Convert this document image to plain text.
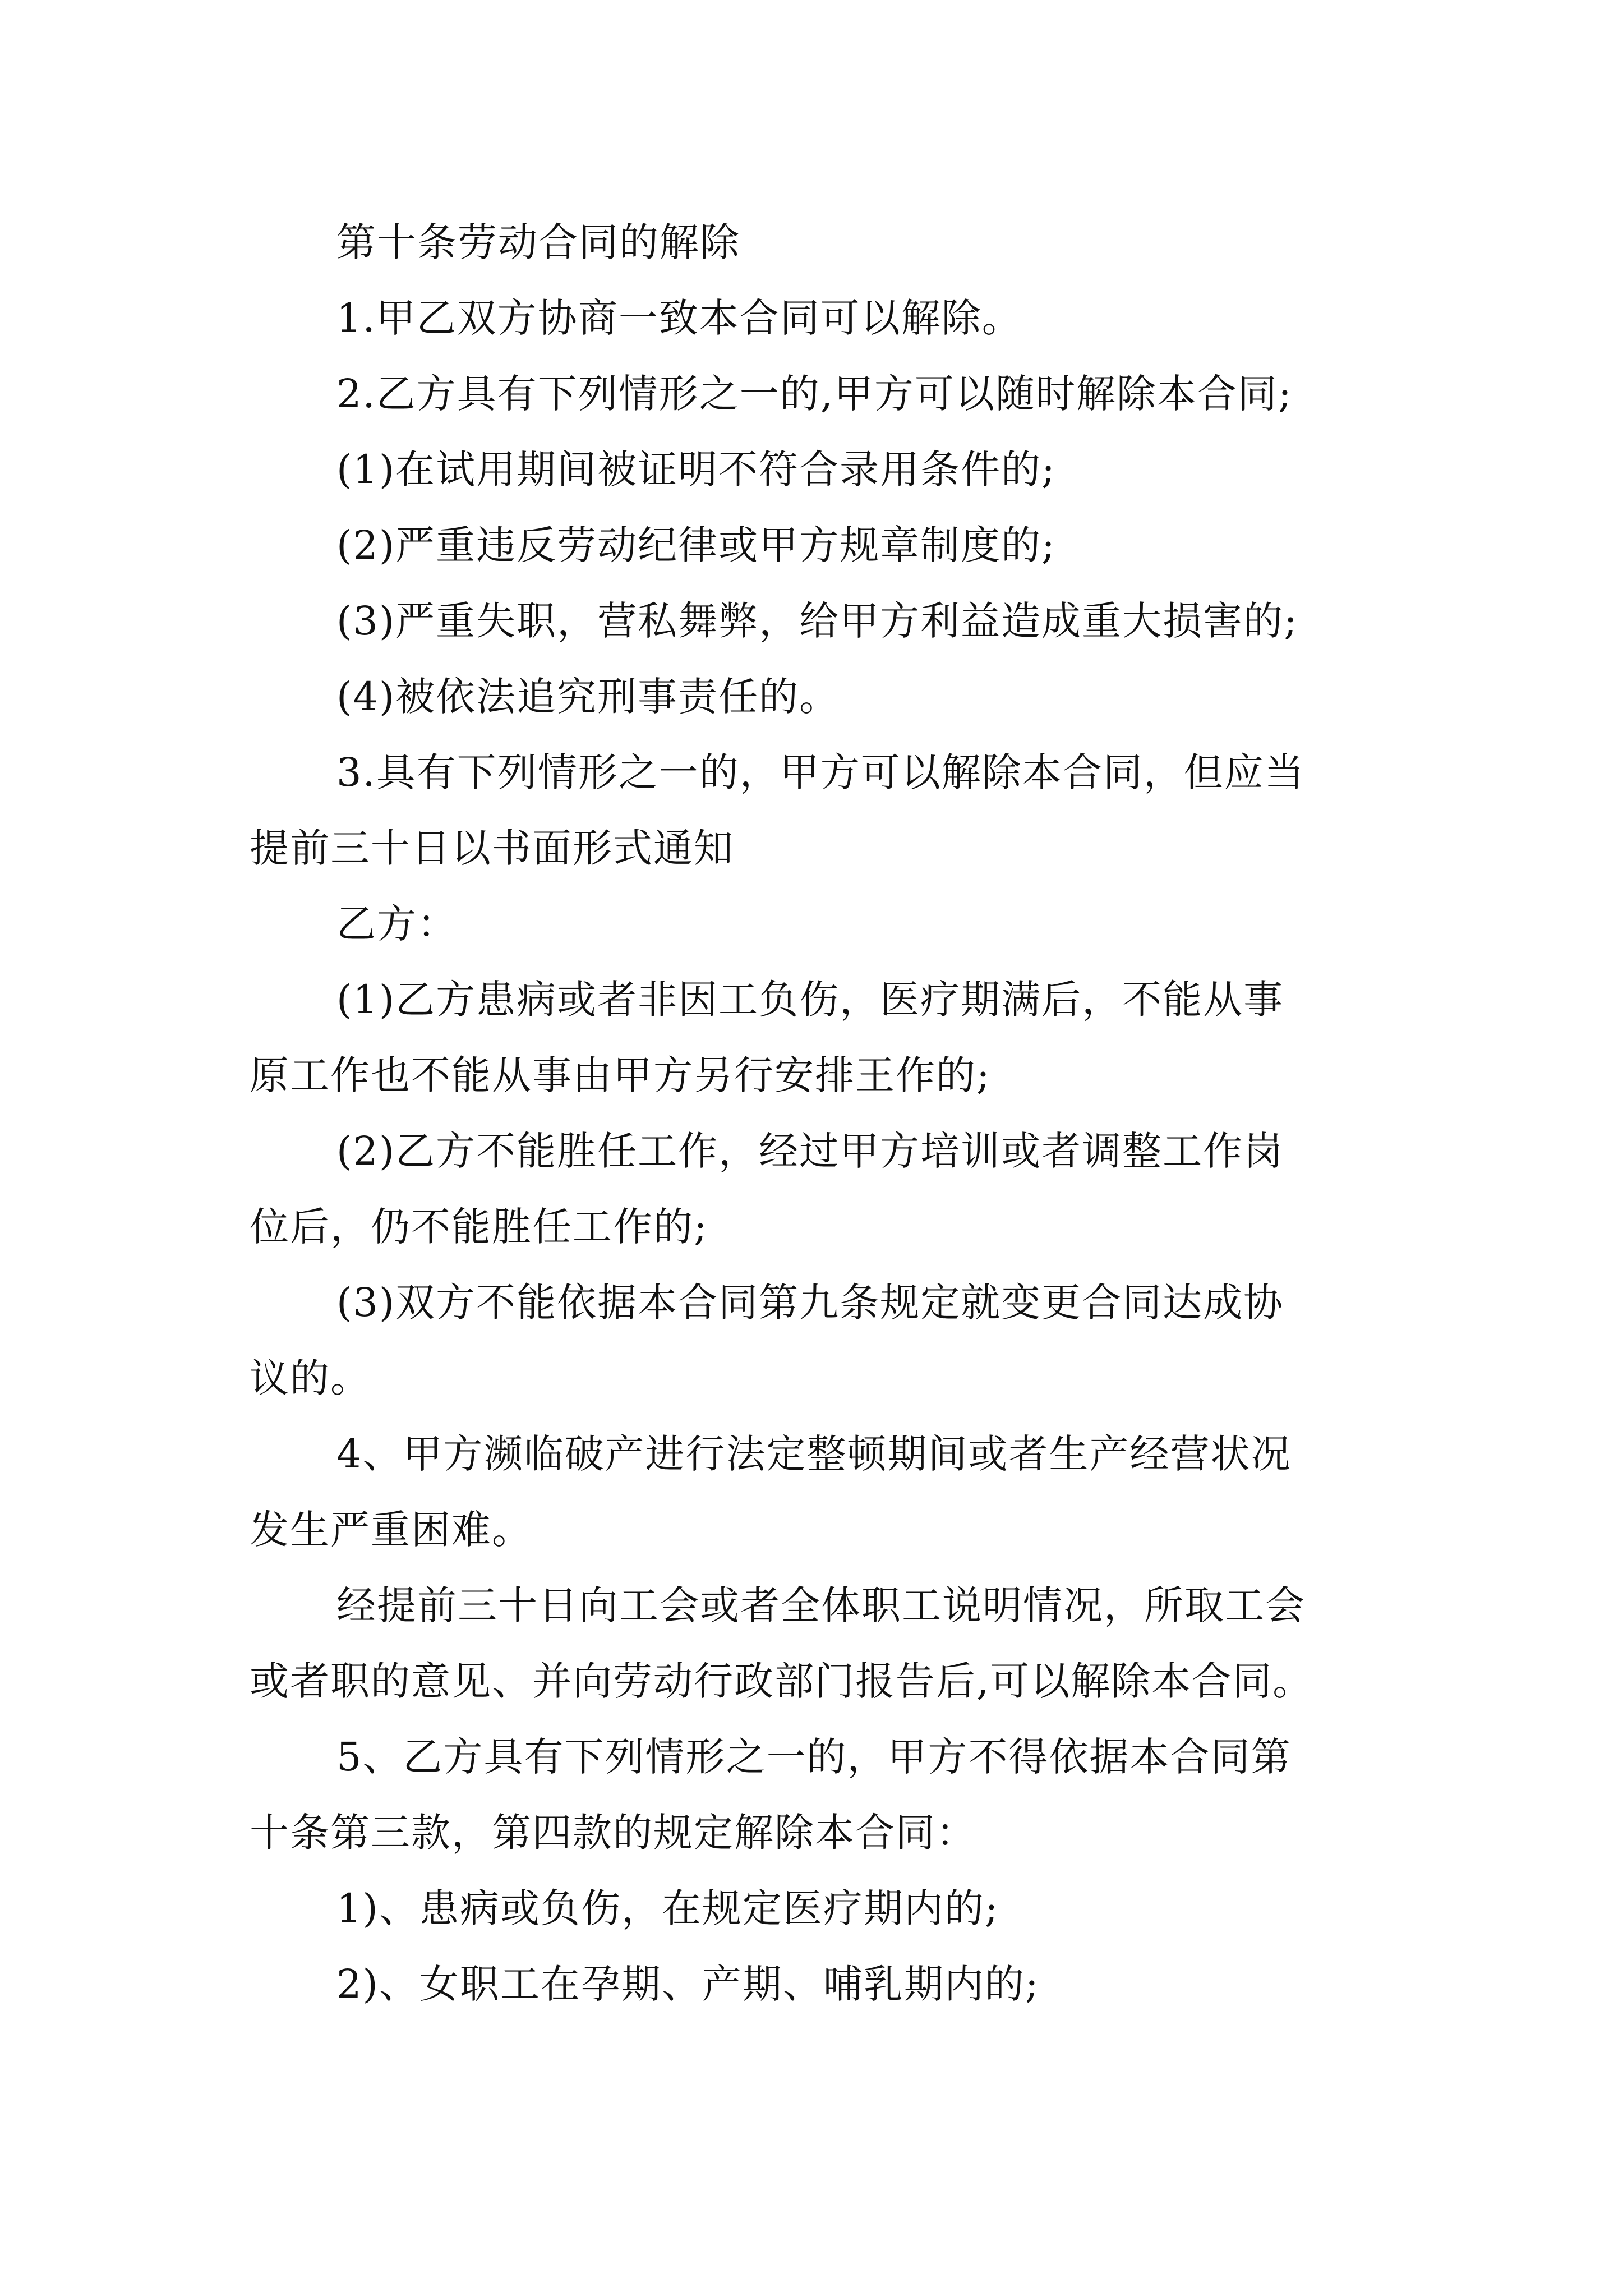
第十条劳动合同的解除
1.甲乙双方协商一致本合同可以解除。
2.乙方具有下列情形之一的,甲方可以随时解除本合同;
(1)在试用期间被证明不符合录用条件的;
(2)严重违反劳动纪律或甲方规章制度的;
(3)严重失职，营私舞弊，给甲方利益造成重大损害的;
(4)被依法追究刑事责任的。
3.具有下列情形之一的，甲方可以解除本合同，但应当
提前三十日以书面形式通知
乙方：
(1)乙方患病或者非因工负伤，医疗期满后，不能从事
原工作也不能从事由甲方另行安排王作的;
(2)乙方不能胜任工作，经过甲方培训或者调整工作岗
位后，仍不能胜任工作的;
(3)双方不能依据本合同第九条规定就变更合同达成协
议的。
4、甲方濒临破产进行法定整顿期间或者生产经营状况
发生严重困难。
经提前三十日向工会或者全体职工说明情况，所取工会
或者职的意见、并向劳动行政部门报告后,可以解除本合同。
5、乙方具有下列情形之一的，甲方不得依据本合同第
十条第三款，第四款的规定解除本合同：
1)、患病或负伤，在规定医疗期内的;
2)、女职工在孕期、产期、哺乳期内的;
